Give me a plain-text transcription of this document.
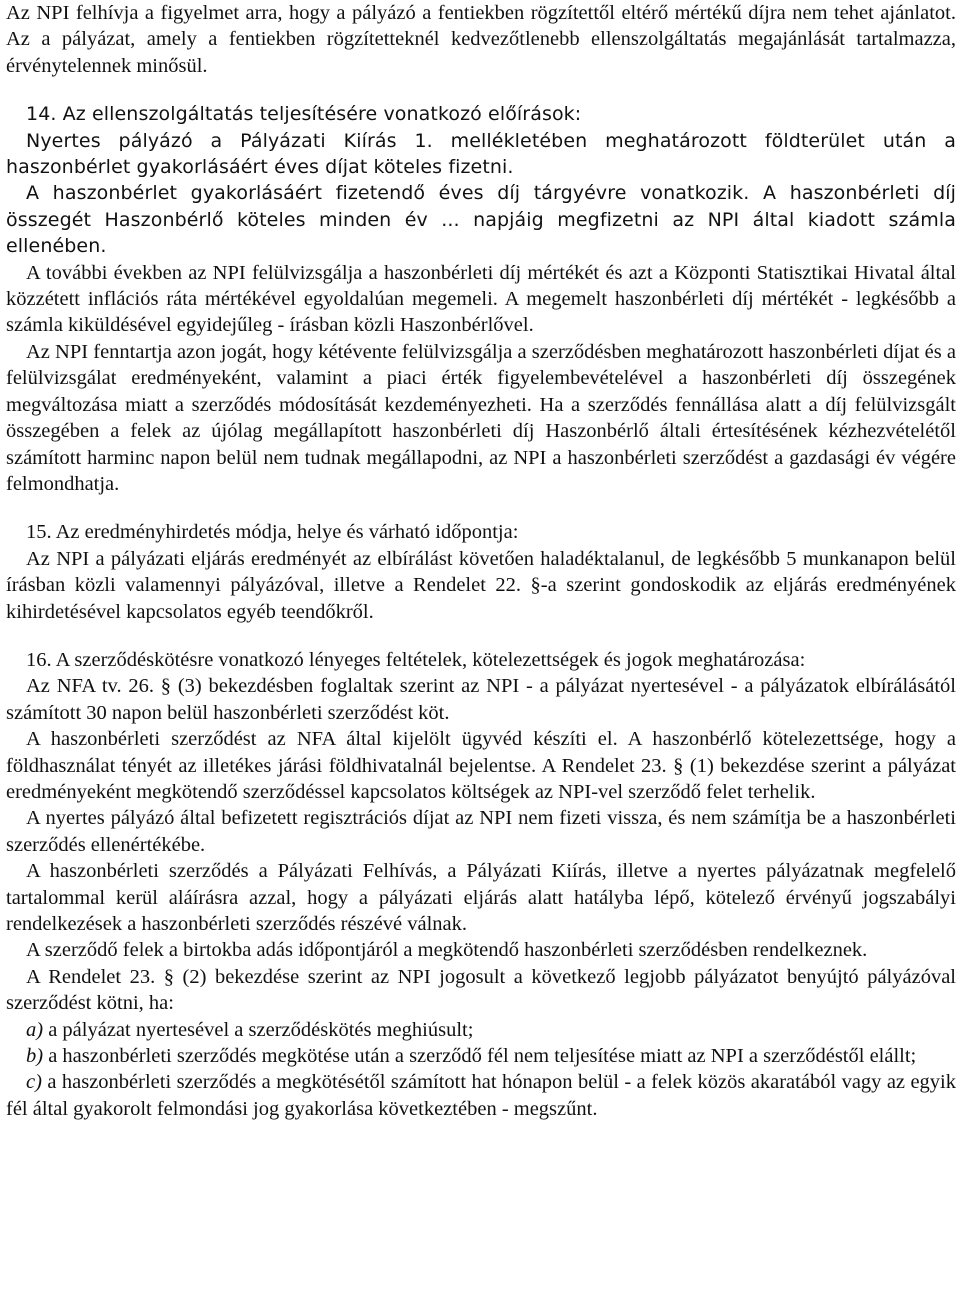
Az NPI felhívja a figyelmet arra, hogy a pályázó a fentiekben rögzítettől eltérő mértékű díjra nem tehet ajánlatot. Az a pályázat, amely a fentiekben rögzítetteknél kedvezőtlenebb ellenszolgáltatás megajánlását tartalmazza, érvénytelennek minősül.

14. Az ellenszolgáltatás teljesítésére vonatkozó előírások:

Nyertes pályázó a Pályázati Kiírás 1. mellékletében meghatározott földterület után a haszonbérlet gyakorlásáért éves díjat köteles fizetni.

A haszonbérlet gyakorlásáért fizetendő éves díj tárgyévre vonatkozik. A haszonbérleti díj összegét Haszonbérlő köteles minden év ... napjáig megfizetni az NPI által kiadott számla ellenében.

A további években az NPI felülvizsgálja a haszonbérleti díj mértékét és azt a Központi Statisztikai Hivatal által közzétett inflációs ráta mértékével egyoldalúan megemeli. A megemelt haszonbérleti díj mértékét - legkésőbb a számla kiküldésével egyidejűleg - írásban közli Haszonbérlővel.

Az NPI fenntartja azon jogát, hogy kétévente felülvizsgálja a szerződésben meghatározott haszonbérleti díjat és a felülvizsgálat eredményeként, valamint a piaci érték figyelembevételével a haszonbérleti díj összegének megváltozása miatt a szerződés módosítását kezdeményezheti. Ha a szerződés fennállása alatt a díj felülvizsgált összegében a felek az újólag megállapított haszonbérleti díj Haszonbérlő általi értesítésének kézhezvételétől számított harminc napon belül nem tudnak megállapodni, az NPI a haszonbérleti szerződést a gazdasági év végére felmondhatja.

15. Az eredményhirdetés módja, helye és várható időpontja:

Az NPI a pályázati eljárás eredményét az elbírálást követően haladéktalanul, de legkésőbb 5 munkanapon belül írásban közli valamennyi pályázóval, illetve a Rendelet 22. §-a szerint gondoskodik az eljárás eredményének kihirdetésével kapcsolatos egyéb teendőkről.

16. A szerződéskötésre vonatkozó lényeges feltételek, kötelezettségek és jogok meghatározása:

Az NFA tv. 26. § (3) bekezdésben foglaltak szerint az NPI - a pályázat nyertesével - a pályázatok elbírálásától számított 30 napon belül haszonbérleti szerződést köt.

A haszonbérleti szerződést az NFA által kijelölt ügyvéd készíti el. A haszonbérlő kötelezettsége, hogy a földhasználat tényét az illetékes járási földhivatalnál bejelentse. A Rendelet 23. § (1) bekezdése szerint a pályázat eredményeként megkötendő szerződéssel kapcsolatos költségek az NPI-vel szerződő felet terhelik.

A nyertes pályázó által befizetett regisztrációs díjat az NPI nem fizeti vissza, és nem számítja be a haszonbérleti szerződés ellenértékébe.

A haszonbérleti szerződés a Pályázati Felhívás, a Pályázati Kiírás, illetve a nyertes pályázatnak megfelelő tartalommal kerül aláírásra azzal, hogy a pályázati eljárás alatt hatályba lépő, kötelező érvényű jogszabályi rendelkezések a haszonbérleti szerződés részévé válnak.

A szerződő felek a birtokba adás időpontjáról a megkötendő haszonbérleti szerződésben rendelkeznek.

A Rendelet 23. § (2) bekezdése szerint az NPI jogosult a következő legjobb pályázatot benyújtó pályázóval szerződést kötni, ha:

a) a pályázat nyertesével a szerződéskötés meghiúsult;

b) a haszonbérleti szerződés megkötése után a szerződő fél nem teljesítése miatt az NPI a szerződéstől elállt;

c) a haszonbérleti szerződés a megkötésétől számított hat hónapon belül - a felek közös akaratából vagy az egyik fél által gyakorolt felmondási jog gyakorlása következtében - megszűnt.
